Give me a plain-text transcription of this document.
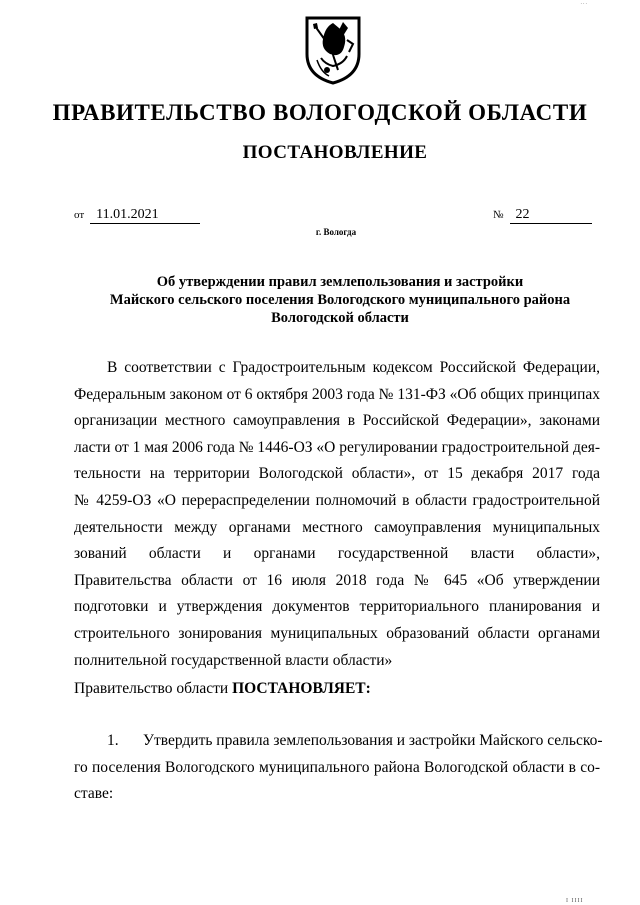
...
ПРАВИТЕЛЬСТВО ВОЛОГОДСКОЙ ОБЛАСТИ
ПОСТАНОВЛЕНИЕ
от 11.01.2021	№ 22
г. Вологда
Об утверждении правил землепользования и застройки
Майского сельского поселения Вологодского муниципального района
Вологодской области
В соответствии с Градостроительным кодексом Российской Федерации,
Федеральным законом от 6 октября 2003 года № 131-ФЗ «Об общих принципах
организации местного самоуправления в Российской Федерации», законами
ласти от 1 мая 2006 года № 1446-ОЗ «О регулировании градостроительной дея-
тельности на территории Вологодской области», от 15 декабря 2017 года
№ 4259-ОЗ «О перераспределении полномочий в области градостроительной
деятельности между органами местного самоуправления муниципальных
зований области и органами государственной власти области»,
Правительства области от 16 июля 2018 года № 645 «Об утверждении
подготовки и утверждения документов территориального планирования и
строительного зонирования муниципальных образований области органами
полнительной государственной власти области»
Правительство области ПОСТАНОВЛЯЕТ:
1. Утвердить правила землепользования и застройки Майского сельско-
го поселения Вологодского муниципального района Вологодской области в со-
ставе:
I IIII
